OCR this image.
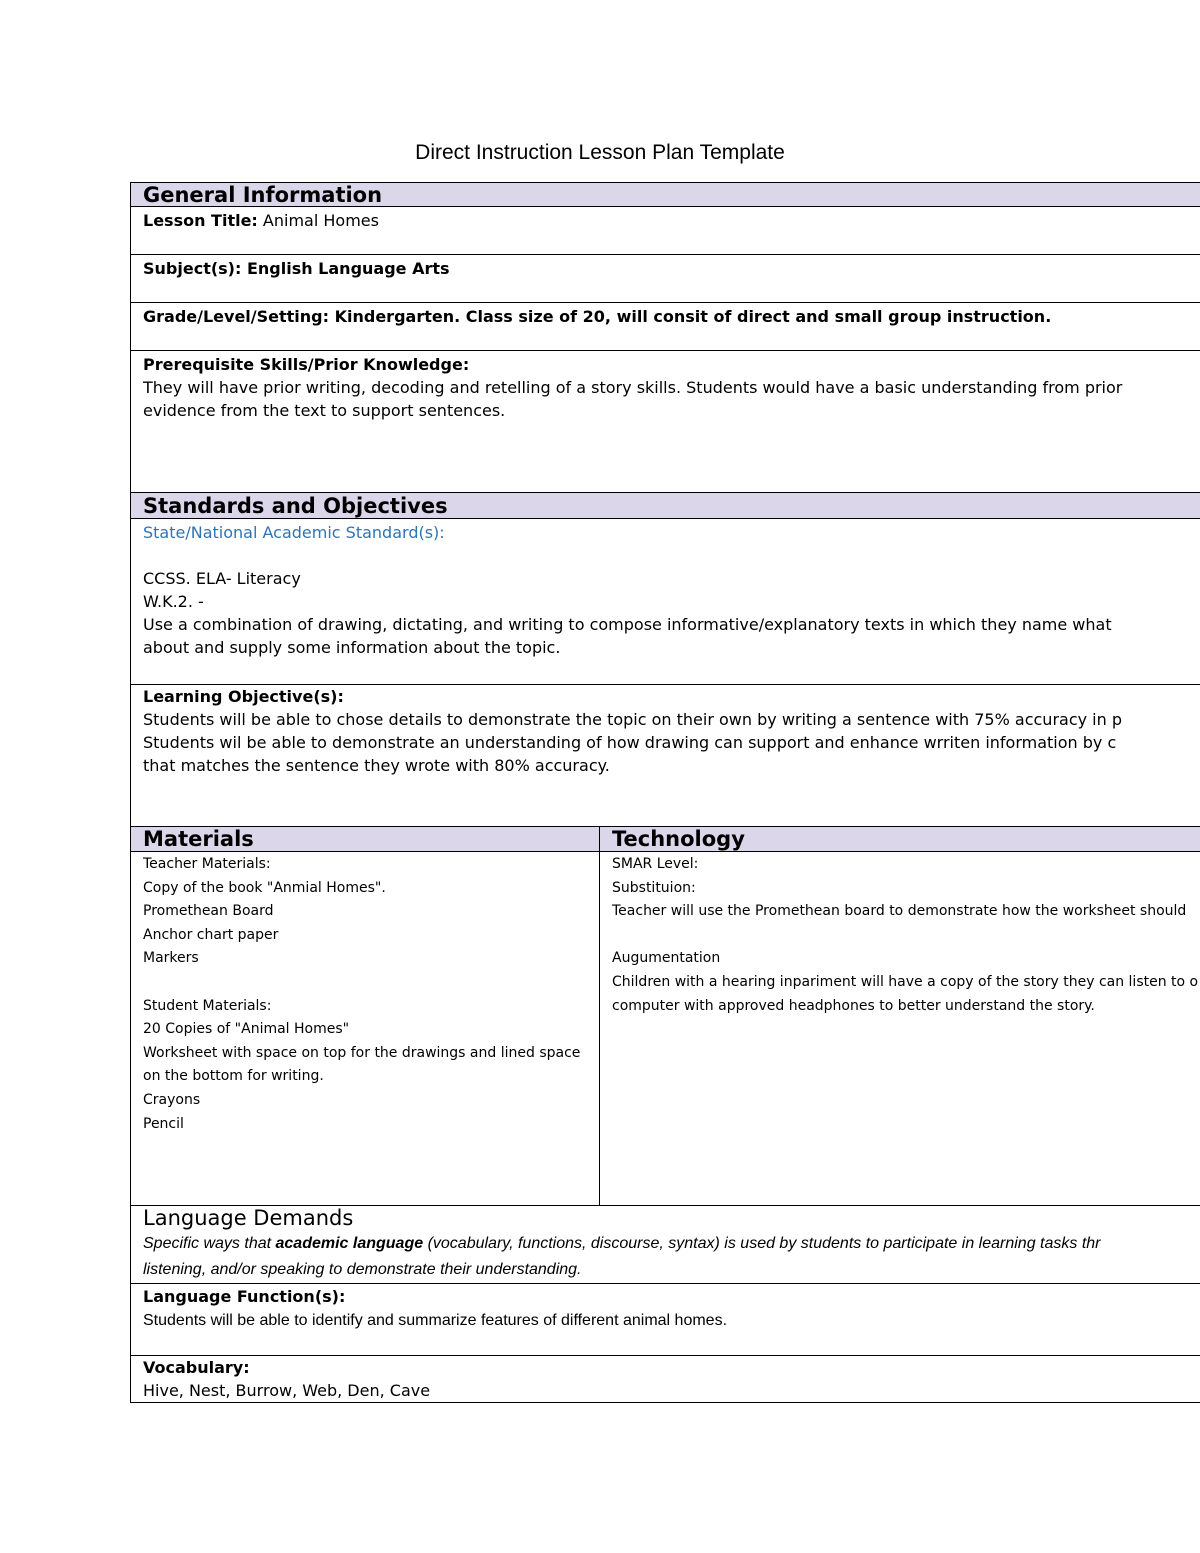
Direct Instruction Lesson Plan Template
General Information
Lesson Title: Animal Homes
Subject(s): English Language Arts
Grade/Level/Setting: Kindergarten. Class size of 20, will consit of direct and small group instruction.
Prerequisite Skills/Prior Knowledge:
They will have prior writing, decoding and retelling of a story skills. Students would have a basic understanding from prior
evidence from the text to support sentences.
Standards and Objectives
State/National Academic Standard(s):
CCSS. ELA- Literacy
W.K.2. -
Use a combination of drawing, dictating, and writing to compose informative/explanatory texts in which they name what
about and supply some information about the topic.
Learning Objective(s):
Students will be able to chose details to demonstrate the topic on their own by writing a sentence with 75% accuracy in p
Students wil be able to demonstrate an understanding of how drawing can support and enhance wrriten information by c
that matches the sentence they wrote with 80% accuracy.
Materials	Technology
Teacher Materials:
Copy of the book "Anmial Homes".
Promethean Board
Anchor chart paper
Markers
Student Materials:
20 Copies of "Animal Homes"
Worksheet with space on top for the drawings and lined space
on the bottom for writing.
Crayons
Pencil
SMAR Level:
Substituion:
Teacher will use the Promethean board to demonstrate how the worksheet should
Augumentation
Children with a hearing inpariment will have a copy of the story they can listen to o
computer with approved headphones to better understand the story.
Language Demands
Specific ways that academic language (vocabulary, functions, discourse, syntax) is used by students to participate in learning tasks thr
listening, and/or speaking to demonstrate their understanding.
Language Function(s):
Students will be able to identify and summarize features of different animal homes.
Vocabulary:
Hive, Nest, Burrow, Web, Den, Cave
